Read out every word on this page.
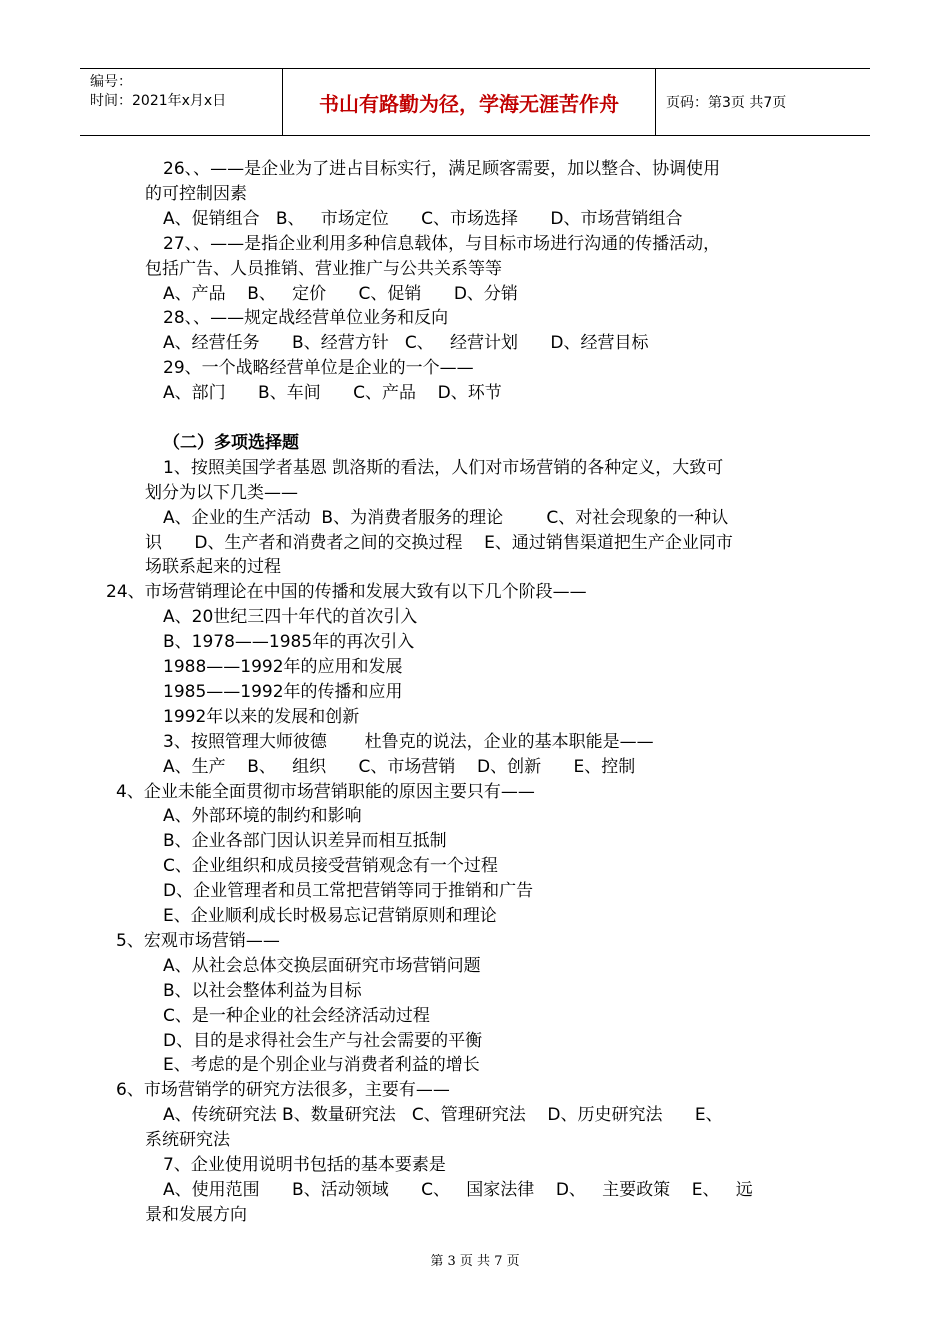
编号：
时间：2021年x月x日	书山有路勤为径，学海无涯苦作舟	页码：第3页 共7页
26、、——是企业为了进占目标实行，满足顾客需要，加以整合、协调使用
的可控制因素
A、促销组合   B、   市场定位      C、市场选择      D、市场营销组合
27、、——是指企业利用多种信息载体，与目标市场进行沟通的传播活动，
包括广告、人员推销、营业推广与公共关系等等
A、产品    B、   定价      C、促销      D、分销
28、、——规定战经营单位业务和反向
A、经营任务      B、经营方针   C、   经营计划      D、经营目标
29、一个战略经营单位是企业的一个——
A、部门      B、车间      C、产品    D、环节
（二）多项选择题
1、按照美国学者基恩 凯洛斯的看法，人们对市场营销的各种定义，大致可
划分为以下几类——
A、企业的生产活动  B、为消费者服务的理论        C、对社会现象的一种认
识      D、生产者和消费者之间的交换过程    E、通过销售渠道把生产企业同市
场联系起来的过程
24、市场营销理论在中国的传播和发展大致有以下几个阶段——
A、20世纪三四十年代的首次引入
B、1978——1985年的再次引入
1988——1992年的应用和发展
1985——1992年的传播和应用
1992年以来的发展和创新
3、按照管理大师彼德       杜鲁克的说法，企业的基本职能是——
A、生产    B、   组织      C、市场营销    D、创新      E、控制
4、企业未能全面贯彻市场营销职能的原因主要只有——
A、外部环境的制约和影响
B、企业各部门因认识差异而相互抵制
C、企业组织和成员接受营销观念有一个过程
D、企业管理者和员工常把营销等同于推销和广告
E、企业顺利成长时极易忘记营销原则和理论
5、宏观市场营销——
A、从社会总体交换层面研究市场营销问题
B、以社会整体利益为目标
C、是一种企业的社会经济活动过程
D、目的是求得社会生产与社会需要的平衡
E、考虑的是个别企业与消费者利益的增长
6、市场营销学的研究方法很多，主要有——
A、传统研究法 B、数量研究法   C、管理研究法    D、历史研究法      E、
系统研究法
7、企业使用说明书包括的基本要素是
A、使用范围      B、活动领域      C、   国家法律    D、   主要政策    E、   远
景和发展方向
第 3 页 共 7 页
